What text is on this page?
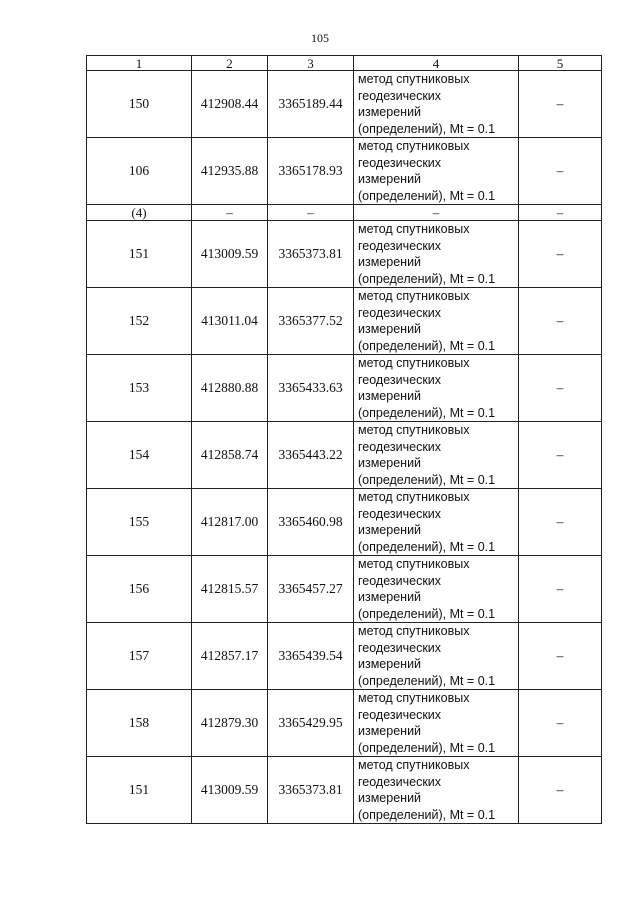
105
1	2	3	4	5
150	412908.44	3365189.44	метод спутниковых
геодезических
измерений
(определений), Mt = 0.1	–
106	412935.88	3365178.93	метод спутниковых
геодезических
измерений
(определений), Mt = 0.1	–
(4)	–	–	–	–
151	413009.59	3365373.81	метод спутниковых
геодезических
измерений
(определений), Mt = 0.1	–
152	413011.04	3365377.52	метод спутниковых
геодезических
измерений
(определений), Mt = 0.1	–
153	412880.88	3365433.63	метод спутниковых
геодезических
измерений
(определений), Mt = 0.1	–
154	412858.74	3365443.22	метод спутниковых
геодезических
измерений
(определений), Mt = 0.1	–
155	412817.00	3365460.98	метод спутниковых
геодезических
измерений
(определений), Mt = 0.1	–
156	412815.57	3365457.27	метод спутниковых
геодезических
измерений
(определений), Mt = 0.1	–
157	412857.17	3365439.54	метод спутниковых
геодезических
измерений
(определений), Mt = 0.1	–
158	412879.30	3365429.95	метод спутниковых
геодезических
измерений
(определений), Mt = 0.1	–
151	413009.59	3365373.81	метод спутниковых
геодезических
измерений
(определений), Mt = 0.1	–
